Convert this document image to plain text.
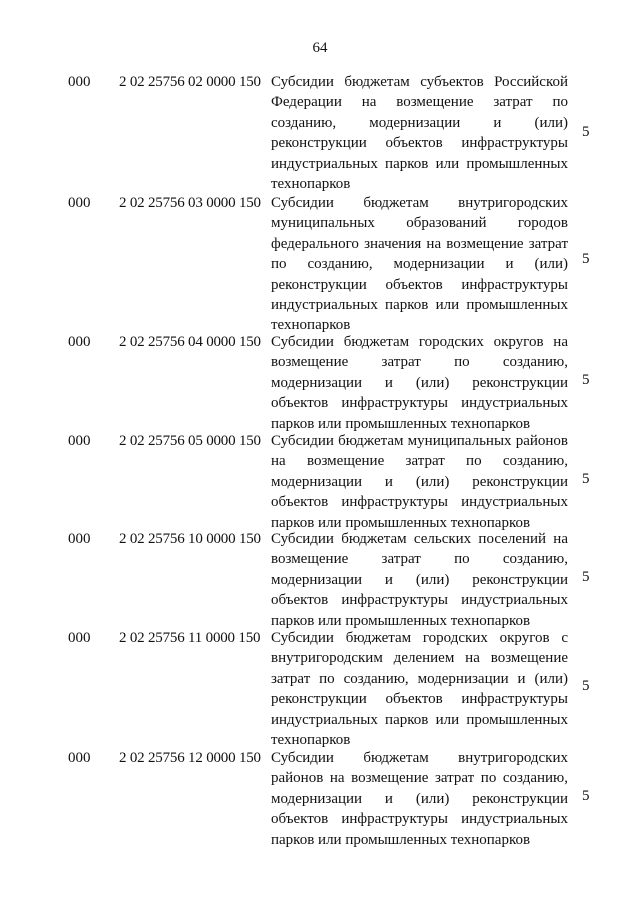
64
000	2 02 25756 02 0000 150 Субсидии бюджетам субъектов Российской Федерации на возмещение затрат по созданию, модернизации и (или) реконструкции объектов инфраструктуры индустриальных парков или промышленных технопарков
5
000	2 02 25756 03 0000 150 Субсидии бюджетам внутригородских муниципальных образований городов федерального значения на возмещение затрат по созданию, модернизации и (или) реконструкции объектов инфраструктуры индустриальных парков или промышленных технопарков
5
000	2 02 25756 04 0000 150 Субсидии бюджетам городских округов на возмещение затрат по созданию, модернизации и (или) реконструкции объектов инфраструктуры индустриальных парков или промышленных технопарков
5
000	2 02 25756 05 0000 150 Субсидии бюджетам муниципальных районов на возмещение затрат по созданию, модернизации и (или) реконструкции объектов инфраструктуры индустриальных парков или промышленных технопарков
5
000	2 02 25756 10 0000 150 Субсидии бюджетам сельских поселений на возмещение затрат по созданию, модернизации и (или) реконструкции объектов инфраструктуры индустриальных парков или промышленных технопарков
5
000	2 02 25756 11 0000 150 Субсидии бюджетам городских округов с внутригородским делением на возмещение затрат по созданию, модернизации и (или) реконструкции объектов инфраструктуры индустриальных парков или промышленных технопарков
5
000	2 02 25756 12 0000 150 Субсидии бюджетам внутригородских районов на возмещение затрат по созданию, модернизации и (или) реконструкции объектов инфраструктуры индустриальных парков или промышленных технопарков
5
